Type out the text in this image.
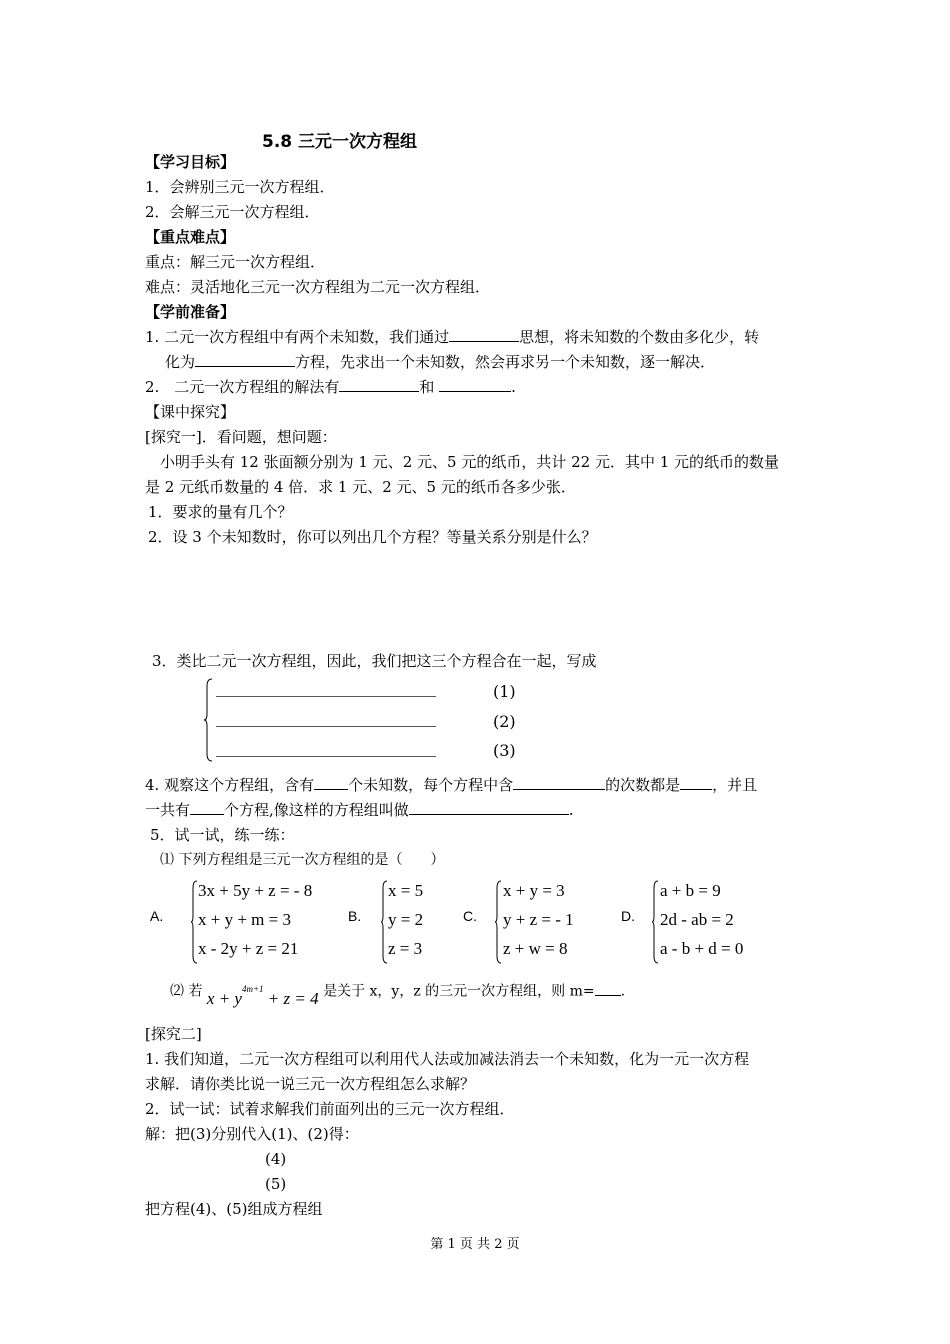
5.8 三元一次方程组
【学习目标】
1．会辨别三元一次方程组．
2．会解三元一次方程组．
【重点难点】
重点：解三元一次方程组．
难点：灵活地化三元一次方程组为二元一次方程组．
【学前准备】
1. 二元一次方程组中有两个未知数，我们通过	思想，将未知数的个数由多化少，转
化为	方程，先求出一个未知数，然会再求另一个未知数，逐一解决．
2.　二元一次方程组的解法有	和	.
【课中探究】
[探究一]．看问题，想问题：
　小明手头有 12 张面额分别为 1 元、2 元、5 元的纸币，共计 22 元．其中 1 元的纸币的数量
是 2 元纸币数量的 4 倍．求 1 元、2 元、5 元的纸币各多少张．
1．要求的量有几个？
2．设 3 个未知数时，你可以列出几个方程？等量关系分别是什么？
3．类比二元一次方程组，因此，我们把这三个方程合在一起，写成
(1)
(2)
(3)
4. 观察这个方程组，含有 个未知数，每个方程中含	的次数都是 ，并且
一共有 个方程,像这样的方程组叫做	.
5．试一试，练一练：
⑴ 下列方程组是三元一次方程组的是（　　）
A.
3x + 5y + z = - 8
x + y + m = 3
x - 2y + z = 21
B.
x = 5
y = 2
z = 3
C.
x + y = 3
y + z = - 1
z + w = 8
D.
a + b = 9
2d - ab = 2
a - b + d = 0
⑵ 若 $x + y^{4m+1} + z = 4$ 是关于 x，y，z 的三元一次方程组，则 m= .
[探究二]
1. 我们知道，二元一次方程组可以利用代人法或加减法消去一个未知数，化为一元一次方程
求解．请你类比说一说三元一次方程组怎么求解？
2．试一试：试着求解我们前面列出的三元一次方程组．
解：把(3)分别代入(1)、(2)得：
(4)
(5)
把方程(4)、(5)组成方程组
第 1 页 共 2 页
